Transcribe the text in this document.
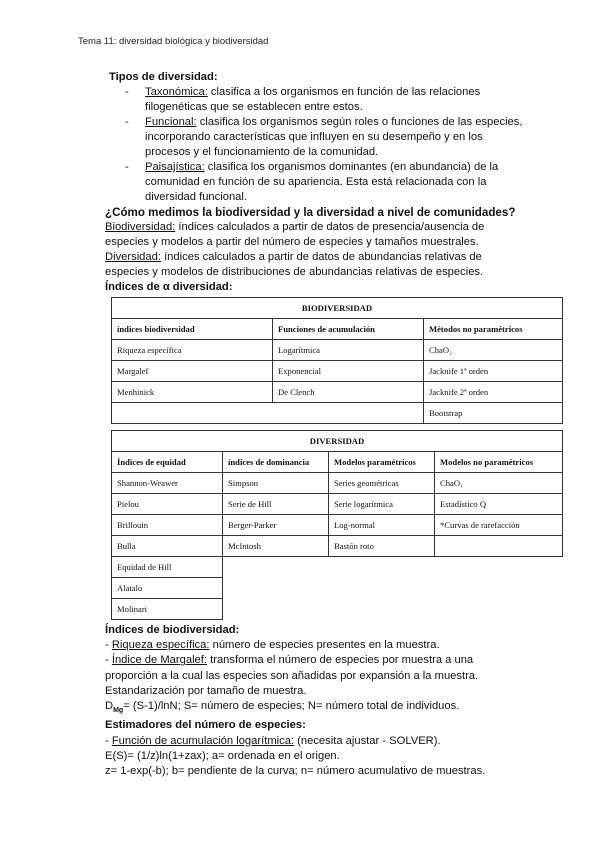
Tema 11: diversidad biológica y biodiversidad
Tipos de diversidad:
- Taxonómica: clasifica a los organismos en función de las relaciones filogenéticas que se establecen entre estos.
- Funcional: clasifica los organismos según roles o funciones de las especies, incorporando características que influyen en su desempeño y en los procesos y el funcionamiento de la comunidad.
- Paisajística: clasifica los organismos dominantes (en abundancia) de la comunidad en función de su apariencia. Esta está relacionada con la diversidad funcional.
¿Cómo medimos la biodiversidad y la diversidad a nivel de comunidades?

Biodiversidad: índices calculados a partir de datos de presencia/ausencia de especies y modelos a partir del número de especies y tamaños muestrales.

Diversidad: índices calculados a partir de datos de abundancias relativas de especies y modelos de distribuciones de abundancias relativas de especies.

Índices de α diversidad:
BIODIVERSIDAD		
índices biodiversidad	Funciones de acumulación	Métodos no paramétricos
Riqueza específica	Logarítmica	ChaO₂
Margalef	Exponencial	Jacknife 1ª orden
Menhinick	De Clench	Jacknife 2ª orden
		Bootstrap
DIVERSIDAD			
Índices de equidad	índices de dominancia	Modelos paramétricos	Modelos no paramétricos
Shannon-Weawer	Simpson	Series geométricas	ChaO₁
Pielou	Serie de Hill	Serie logarítmica	Estadístico Q
Brillouin	Berger-Parker	Log-normal	*Curvas de rarefacción
Bulla	McIntosh	Bastón roto	
Equidad de Hill			
Alatalo			
Molinari			
Índices de biodiversidad:
- Riqueza específica: número de especies presentes en la muestra.
- Índice de Margalef: transforma el número de especies por muestra a una proporción a la cual las especies son añadidas por expansión a la muestra. Estandarización por tamaño de muestra.
$D_{Mg}= (S-1)/\ln N$; S= número de especies; N= número total de individuos.
Estimadores del número de especies:
- Función de acumulación logarítmica: (necesita ajustar - SOLVER).
E(S)= (1/z)ln(1+zax); a= ordenada en el origen.
z= 1-exp(-b); b= pendiente de la curva; n= número acumulativo de muestras.
